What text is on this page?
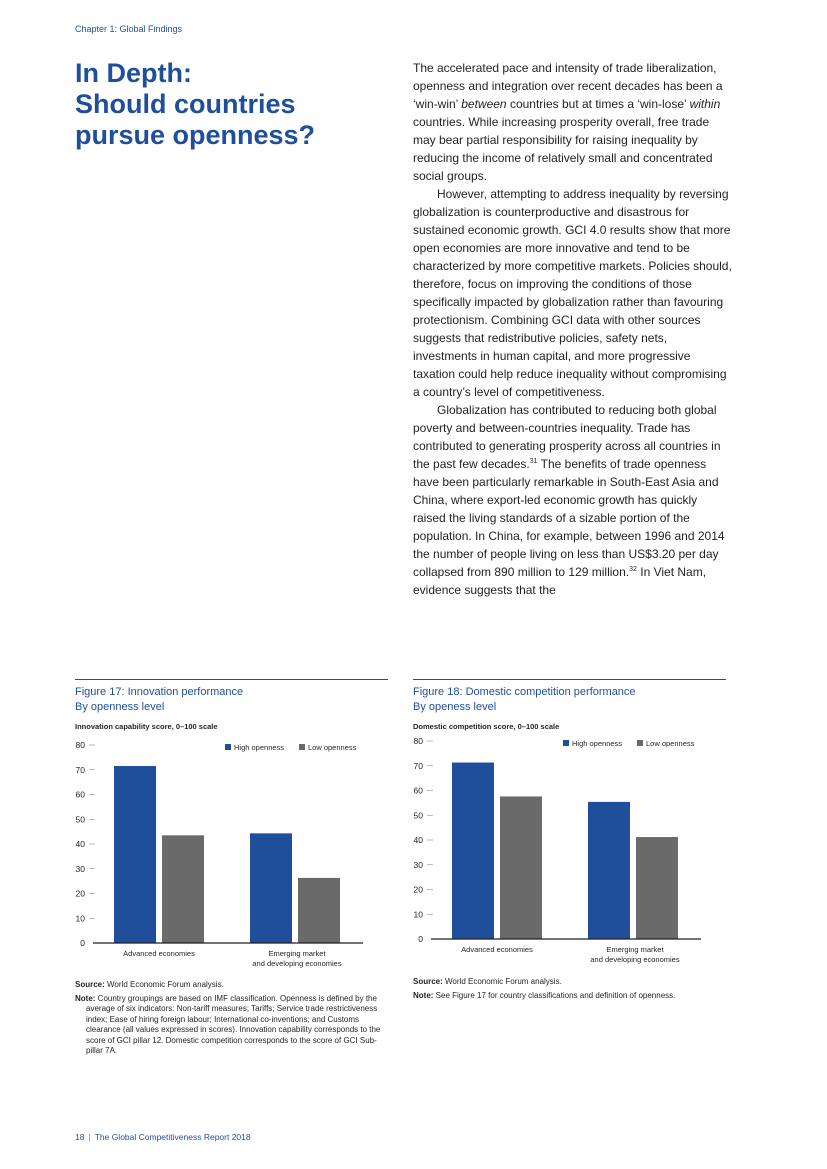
Chapter 1: Global Findings
In Depth:
Should countries
pursue openness?

The accelerated pace and intensity of trade liberalization, openness and integration over recent decades has been a ‘win-win’ between countries but at times a ‘win-lose’ within countries. While increasing prosperity overall, free trade may bear partial responsibility for raising inequality by reducing the income of relatively small and concentrated social groups.

However, attempting to address inequality by reversing globalization is counterproductive and disastrous for sustained economic growth. GCI 4.0 results show that more open economies are more innovative and tend to be characterized by more competitive markets. Policies should, therefore, focus on improving the conditions of those specifically impacted by globalization rather than favouring protectionism. Combining GCI data with other sources suggests that redistributive policies, safety nets, investments in human capital, and more progressive taxation could help reduce inequality without compromising a country’s level of competitiveness.

Globalization has contributed to reducing both global poverty and between-countries inequality. Trade has contributed to generating prosperity across all countries in the past few decades.$^{31}$ The benefits of trade openness have been particularly remarkable in South-East Asia and China, where export-led economic growth has quickly raised the living standards of a sizable portion of the population. In China, for example, between 1996 and 2014 the number of people living on less than US$3.20 per day collapsed from 890 million to 129 million.$^{32}$ In Viet Nam, evidence suggests that the

Figure 17: Innovation performance
By openness level
Innovation capability score, 0–100 scale
0
10
20
30
40
50
60
70
80
Advanced economies	Emerging market
and developing economies
High openness	Low openness
Figure 18: Domestic competition performance
By openess level
Domestic competition score, 0–100 scale
0
10
20
30
40
50
60
70
80
Advanced economies	Emerging market
and developing economies
High openness	Low openness
Source: World Economic Forum analysis.
Note: Country groupings are based on IMF classification. Openness is defined by the average of six indicators: Non-tariff measures; Tariffs; Service trade restrictiveness index; Ease of hiring foreign labour; International co-inventions; and Customs clearance (all values expressed in scores). Innovation capability corresponds to the score of GCI pillar 12. Domestic competition corresponds to the score of GCI Sub-pillar 7A.
Source: World Economic Forum analysis.
Note: See Figure 17 for country classifications and definition of openness.
18 | The Global Competitiveness Report 2018
